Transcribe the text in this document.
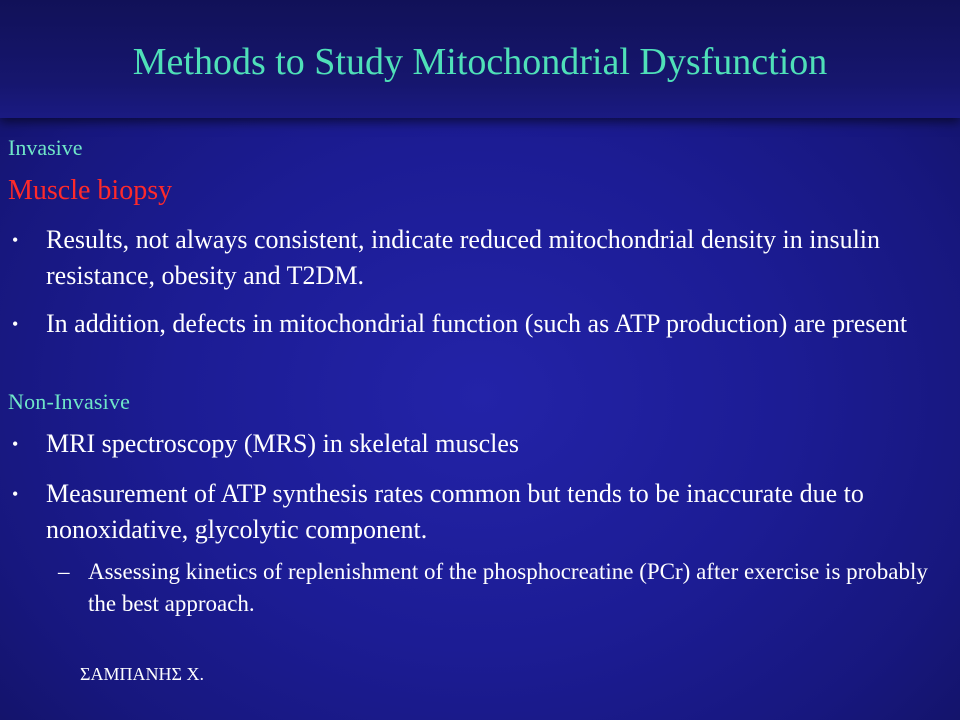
Methods to Study Mitochondrial Dysfunction
Invasive
Muscle biopsy
•	Results, not always consistent, indicate reduced mitochondrial density in insulin resistance, obesity and T2DM.
•	In addition, defects in mitochondrial function (such as ATP production) are present
Non-Invasive
•	MRI spectroscopy (MRS) in skeletal muscles
•	Measurement of ATP synthesis rates common but tends to be inaccurate due to nonoxidative, glycolytic component.
– Assessing kinetics of replenishment of the phosphocreatine (PCr) after exercise is probably the best approach.
ΣΑΜΠΑΝΗΣ Χ.
